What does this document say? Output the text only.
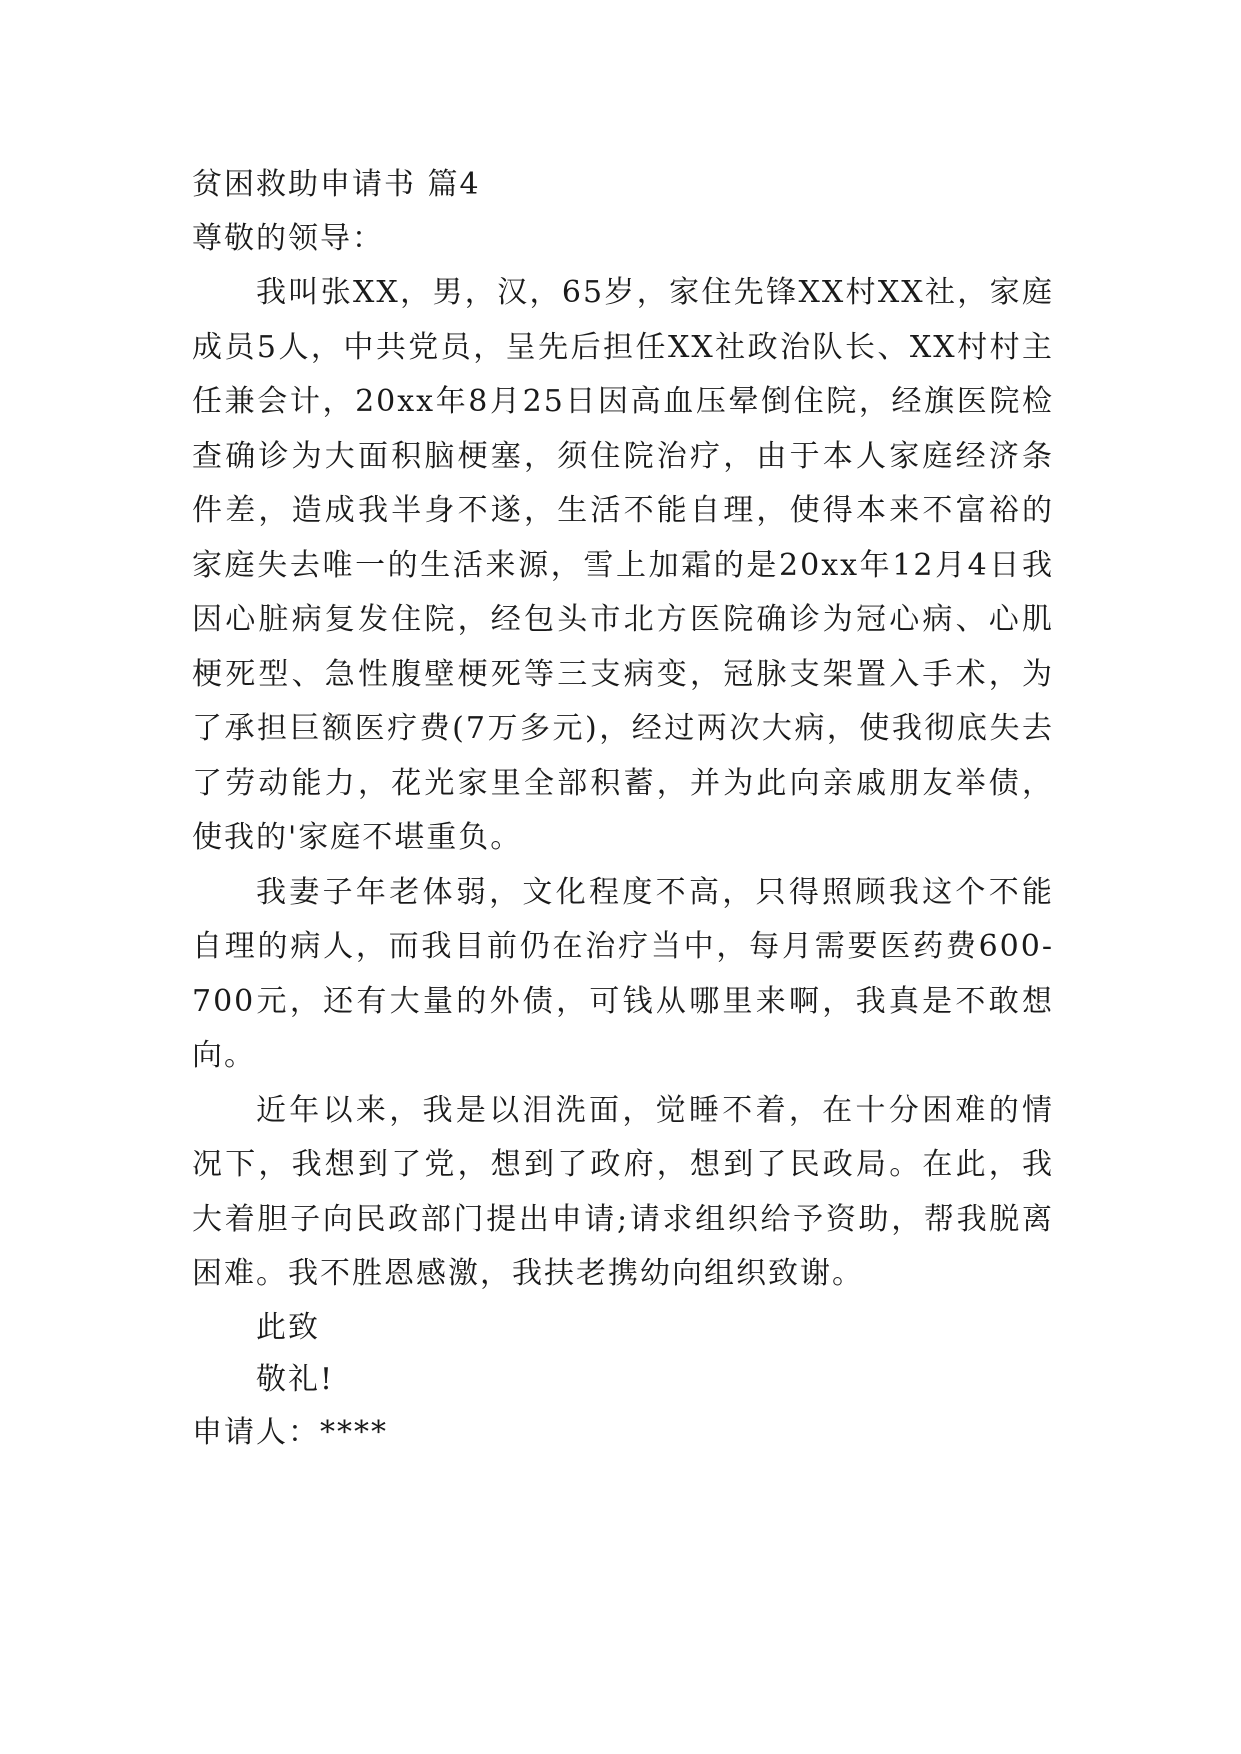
贫困救助申请书 篇4

尊敬的领导：

我叫张XX，男，汉，65岁，家住先锋XX村XX社，家庭成员5人，中共党员，呈先后担任XX社政治队长、XX村村主任兼会计，20xx年8月25日因高血压晕倒住院，经旗医院检查确诊为大面积脑梗塞，须住院治疗，由于本人家庭经济条件差，造成我半身不遂，生活不能自理，使得本来不富裕的家庭失去唯一的生活来源，雪上加霜的是20xx年12月4日我因心脏病复发住院，经包头市北方医院确诊为冠心病、心肌梗死型、急性腹壁梗死等三支病变，冠脉支架置入手术，为了承担巨额医疗费(7万多元)，经过两次大病，使我彻底失去了劳动能力，花光家里全部积蓄，并为此向亲戚朋友举债，使我的'家庭不堪重负。

我妻子年老体弱，文化程度不高，只得照顾我这个不能自理的病人，而我目前仍在治疗当中，每月需要医药费600-700元，还有大量的外债，可钱从哪里来啊，我真是不敢想向。

近年以来，我是以泪洗面，觉睡不着，在十分困难的情况下，我想到了党，想到了政府，想到了民政局。在此，我大着胆子向民政部门提出申请;请求组织给予资助，帮我脱离困难。我不胜恩感激，我扶老携幼向组织致谢。

此致

敬礼!

申请人：****
